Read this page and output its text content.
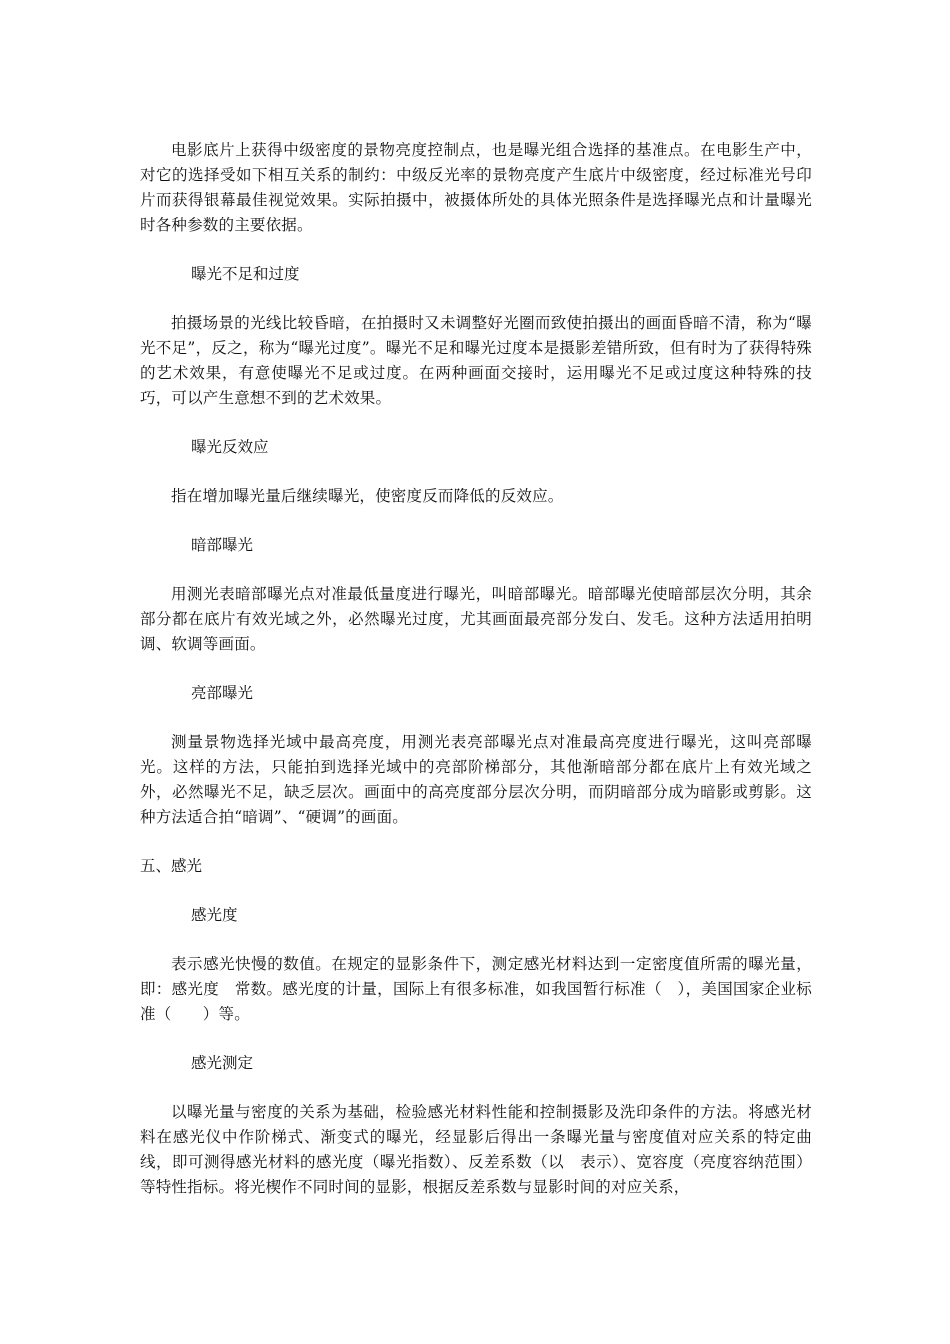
电影底片上获得中级密度的景物亮度控制点，也是曝光组合选择的基准点。在电影生产中，对它的选择受如下相互关系的制约：中级反光率的景物亮度产生底片中级密度，经过标准光号印片而获得银幕最佳视觉效果。实际拍摄中，被摄体所处的具体光照条件是选择曝光点和计量曝光时各种参数的主要依据。

曝光不足和过度

拍摄场景的光线比较昏暗，在拍摄时又未调整好光圈而致使拍摄出的画面昏暗不清，称为“曝光不足”，反之，称为“曝光过度”。曝光不足和曝光过度本是摄影差错所致，但有时为了获得特殊的艺术效果，有意使曝光不足或过度。在两种画面交接时，运用曝光不足或过度这种特殊的技巧，可以产生意想不到的艺术效果。

曝光反效应

指在增加曝光量后继续曝光，使密度反而降低的反效应。

暗部曝光

用测光表暗部曝光点对准最低量度进行曝光，叫暗部曝光。暗部曝光使暗部层次分明，其余部分都在底片有效光域之外，必然曝光过度，尤其画面最亮部分发白、发毛。这种方法适用拍明调、软调等画面。

亮部曝光

测量景物选择光域中最高亮度，用测光表亮部曝光点对准最高亮度进行曝光，这叫亮部曝光。这样的方法，只能拍到选择光域中的亮部阶梯部分，其他渐暗部分都在底片上有效光域之外，必然曝光不足，缺乏层次。画面中的高亮度部分层次分明，而阴暗部分成为暗影或剪影。这种方法适合拍“暗调”、“硬调”的画面。

五、感光

感光度

表示感光快慢的数值。在规定的显影条件下，测定感光材料达到一定密度值所需的曝光量，即：感光度　常数。感光度的计量，国际上有很多标准，如我国暂行标准（　），美国国家企业标准（　　）等。

感光测定

以曝光量与密度的关系为基础，检验感光材料性能和控制摄影及洗印条件的方法。将感光材料在感光仪中作阶梯式、渐变式的曝光，经显影后得出一条曝光量与密度值对应关系的特定曲线，即可测得感光材料的感光度（曝光指数）、反差系数（以　表示）、宽容度（亮度容纳范围）等特性指标。将光楔作不同时间的显影，根据反差系数与显影时间的对应关系，
